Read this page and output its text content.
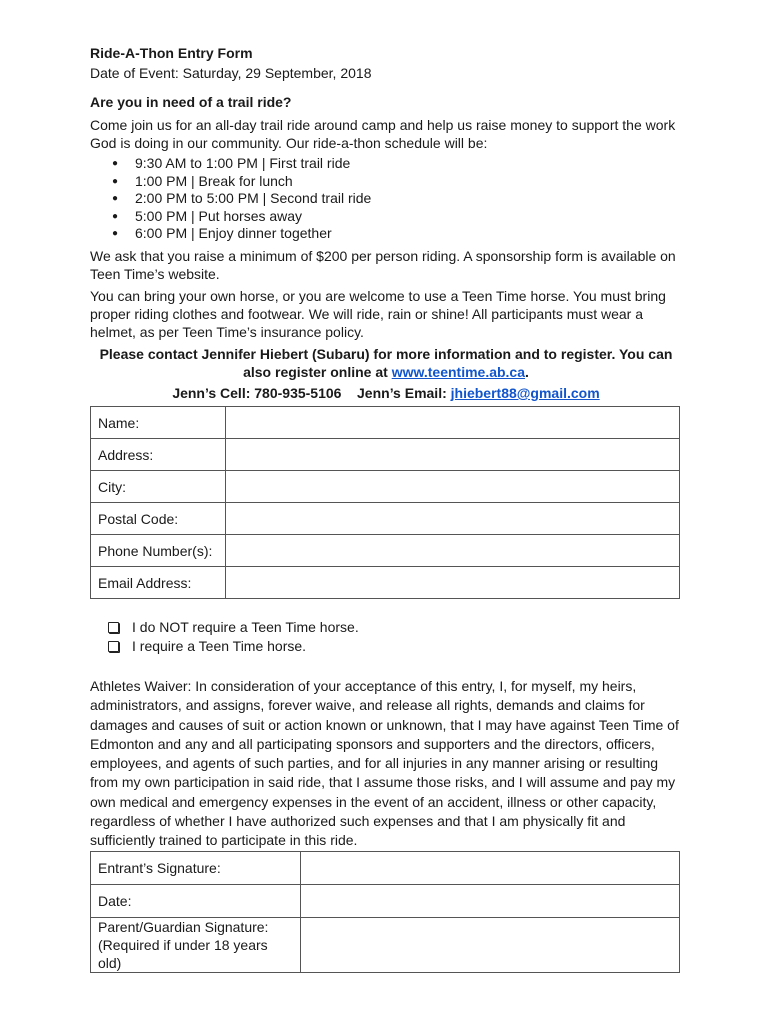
Ride-A-Thon Entry Form
Date of Event: Saturday, 29 September, 2018
Are you in need of a trail ride?
Come join us for an all-day trail ride around camp and help us raise money to support the work God is doing in our community. Our ride-a-thon schedule will be:
● 9:30 AM to 1:00 PM | First trail ride
● 1:00 PM | Break for lunch
● 2:00 PM to 5:00 PM | Second trail ride
● 5:00 PM | Put horses away
● 6:00 PM | Enjoy dinner together
We ask that you raise a minimum of $200 per person riding. A sponsorship form is available on Teen Time’s website.
You can bring your own horse, or you are welcome to use a Teen Time horse. You must bring proper riding clothes and footwear. We will ride, rain or shine! All participants must wear a helmet, as per Teen Time’s insurance policy.
Please contact Jennifer Hiebert (Subaru) for more information and to register. You can
also register online at www.teentime.ab.ca.
Jenn’s Cell: 780-935-5106 Jenn’s Email: jhiebert88@gmail.com
Name:	
Address:	
City:	
Postal Code:	
Phone Number(s):	
Email Address:	
I do NOT require a Teen Time horse.
I require a Teen Time horse.
Athletes Waiver: In consideration of your acceptance of this entry, I, for myself, my heirs, administrators, and assigns, forever waive, and release all rights, demands and claims for damages and causes of suit or action known or unknown, that I may have against Teen Time of Edmonton and any and all participating sponsors and supporters and the directors, officers, employees, and agents of such parties, and for all injuries in any manner arising or resulting from my own participation in said ride, that I assume those risks, and I will assume and pay my own medical and emergency expenses in the event of an accident, illness or other capacity, regardless of whether I have authorized such expenses and that I am physically fit and sufficiently trained to participate in this ride.
Entrant’s Signature:	
Date:	

Parent/Guardian Signature:
(Required if under 18 years old)	
